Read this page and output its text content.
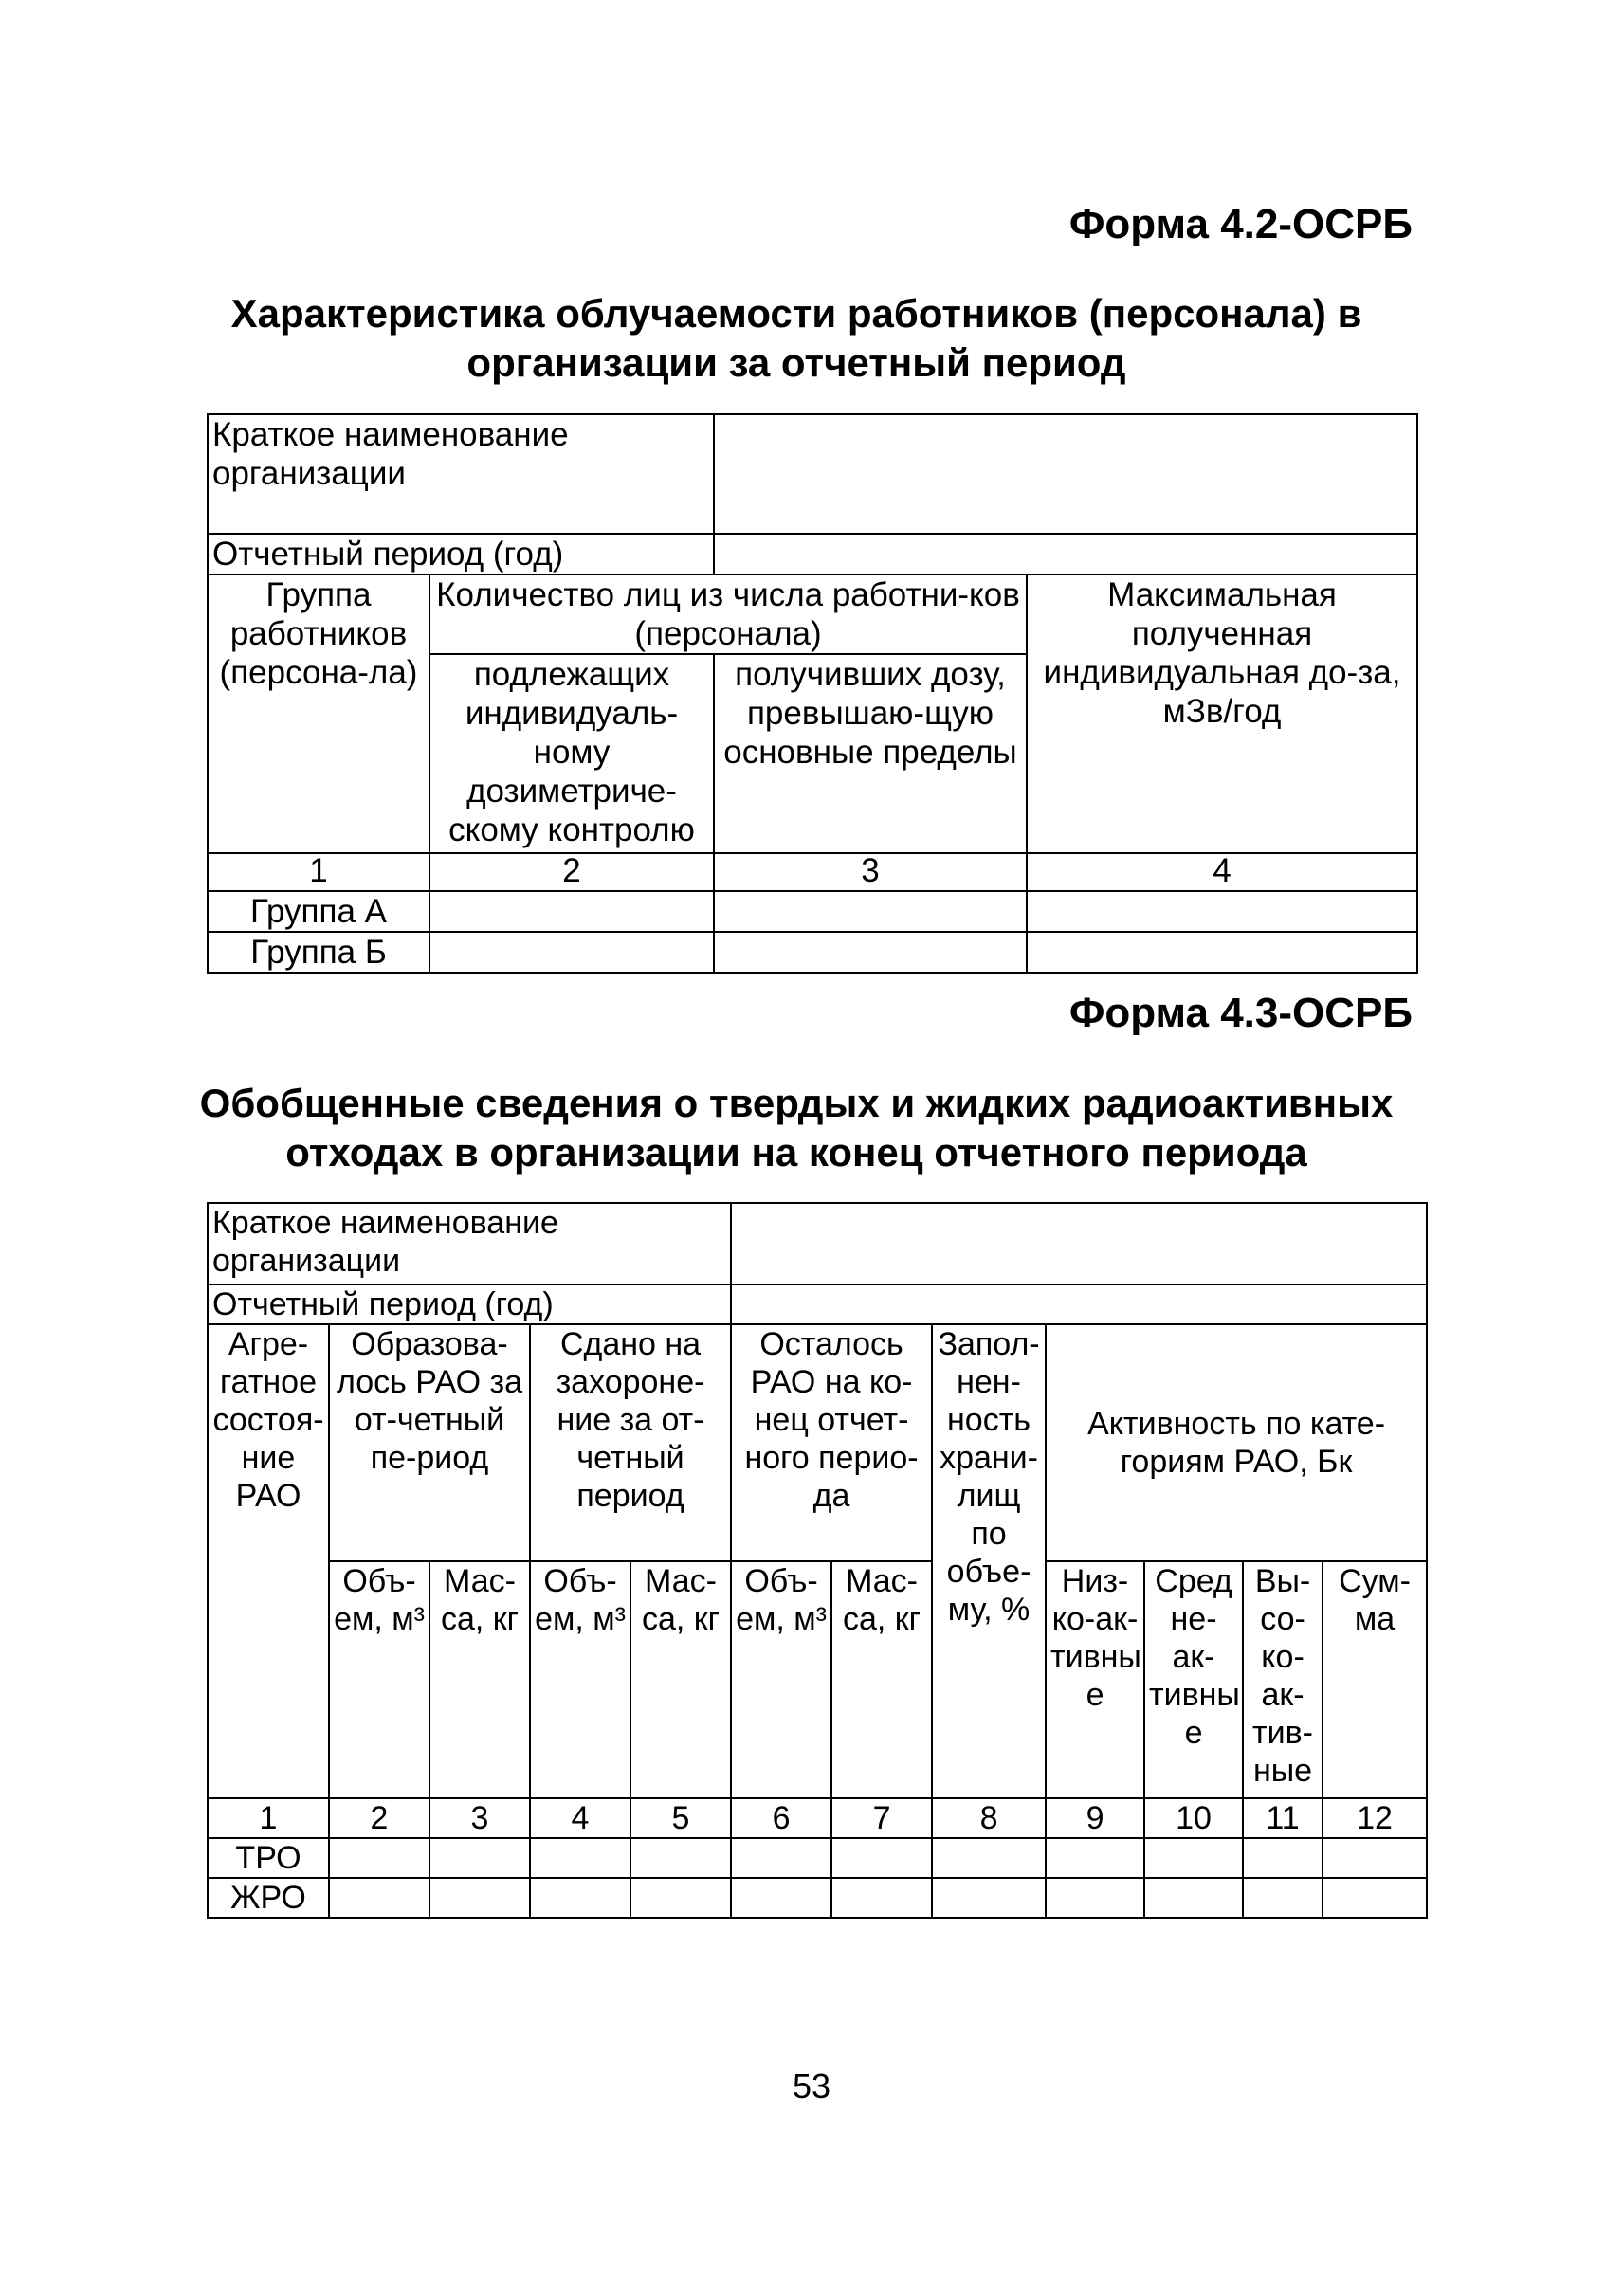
Форма 4.2-ОСРБ
Характеристика облучаемости работников (персонала) в
организации за отчетный период
Краткое наименование организации			
Отчетный период (год)			
Группа работников (персона-ла)	Количество лиц из числа работни-ков (персонала)		Максимальная полученная индивидуальная до-за, мЗв/год
	подлежащих индивидуаль-ному дозиметриче-скому контролю	получивших дозу, превышаю-щую основные пределы	
1	2	3	4
Группа А			
Группа Б			
Форма 4.3-ОСРБ
Обобщенные сведения о твердых и жидких радиоактивных
отходах в организации на конец отчетного периода
Краткое наименование организации											
Отчетный период (год)											
Агре-гатное состоя-ние РАО	Образова-лось РАО за от-четный пе-риод		Сдано на захороне-ние за от-четный период		Осталось РАО на ко-нец отчет-ного перио-да		Запол-нен-ность храни-лищ по объе-му, %	Активность по кате-гориям РАО, Бк			
	Объ-ем, м³	Мас-са, кг	Объ-ем, м³	Мас-са, кг	Объ-ем, м³	Мас-са, кг		Низ-ко-ак-тивны е	Сред не-ак-тивны е	Вы-со-ко-ак-тив-ные	Сум-ма
1	2	3	4	5	6	7	8	9	10	11	12
ТРО											
ЖРО											
53
